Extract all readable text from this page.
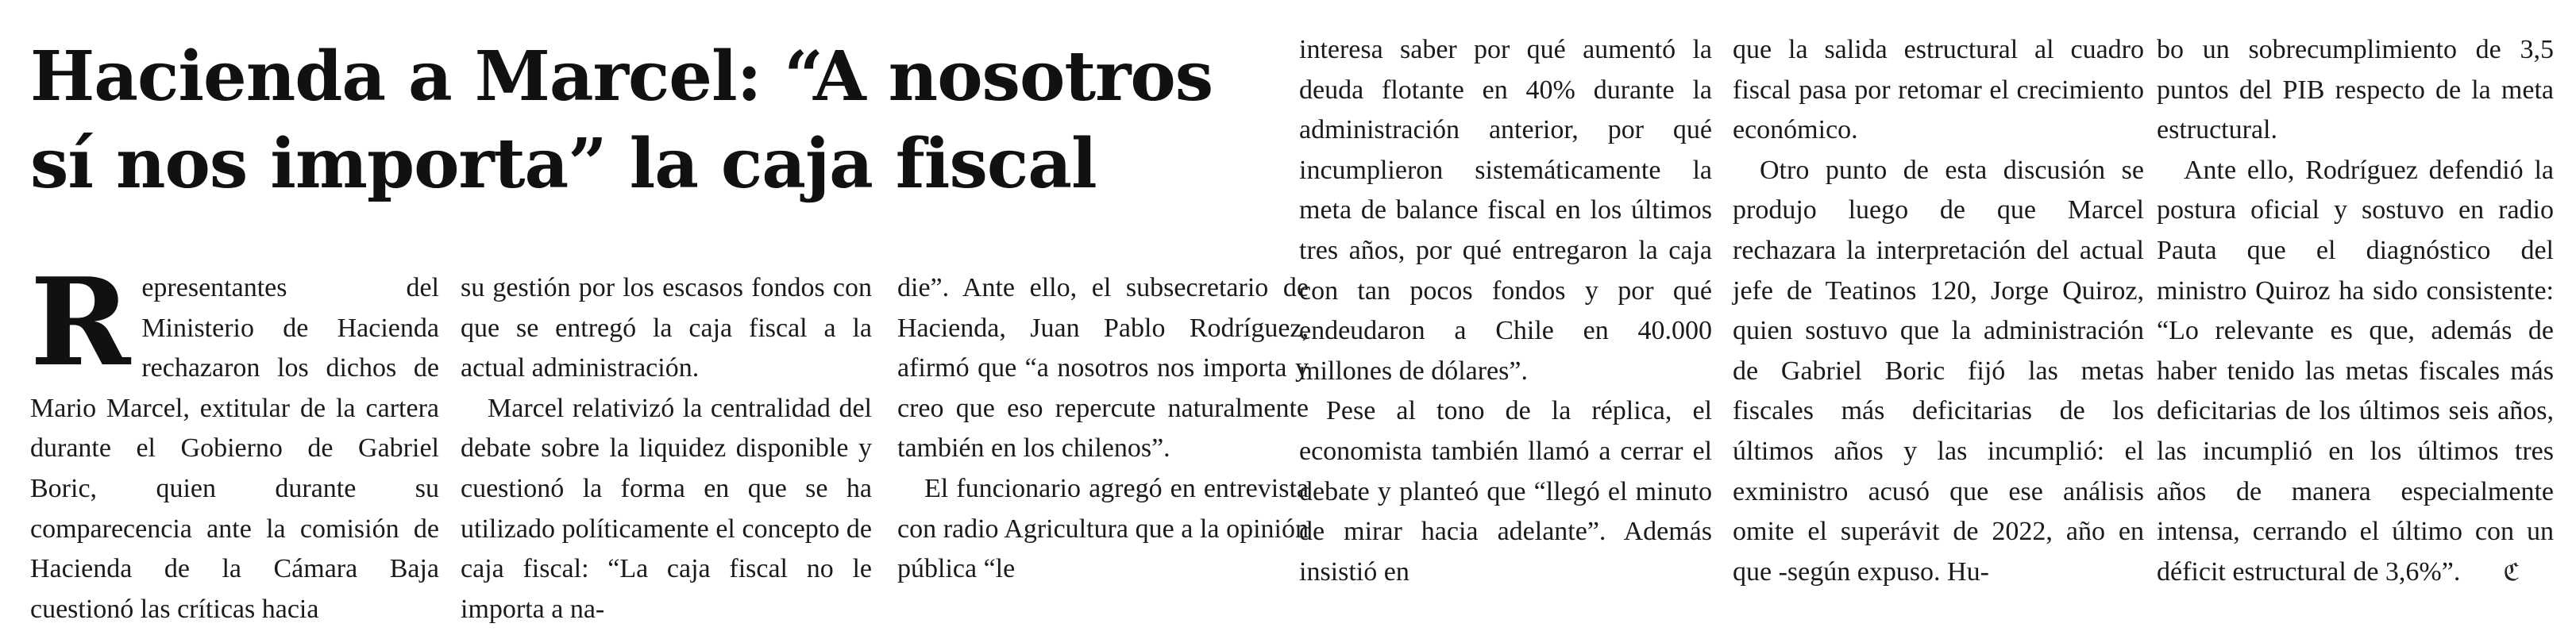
Hacienda a Marcel: “A nosotros sí nos importa” la caja fiscal

Representantes del Ministerio de Hacienda rechazaron los dichos de Mario Marcel, extitular de la cartera durante el Gobierno de Gabriel Boric, quien durante su comparecencia ante la comisión de Hacienda de la Cámara Baja cuestionó las críticas hacia

su gestión por los escasos fondos con que se entregó la caja fiscal a la actual administración.

Marcel relativizó la centralidad del debate sobre la liquidez disponible y cuestionó la forma en que se ha utilizado políticamente el concepto de caja fiscal: “La caja fiscal no le importa a na-

die”. Ante ello, el subsecretario de Hacienda, Juan Pablo Rodríguez, afirmó que “a nosotros nos importa y creo que eso repercute naturalmente también en los chilenos”.

El funcionario agregó en entrevista con radio Agricultura que a la opinión pública “le

interesa saber por qué aumentó la deuda flotante en 40% durante la administración anterior, por qué incumplieron sistemáticamente la meta de balance fiscal en los últimos tres años, por qué entregaron la caja con tan pocos fondos y por qué endeudaron a Chile en 40.000 millones de dólares”.

Pese al tono de la réplica, el economista también llamó a cerrar el debate y planteó que “llegó el minuto de mirar hacia adelante”. Además insistió en

que la salida estructural al cuadro fiscal pasa por retomar el crecimiento económico.

Otro punto de esta discusión se produjo luego de que Marcel rechazara la interpretación del actual jefe de Teatinos 120, Jorge Quiroz, quien sostuvo que la administración de Gabriel Boric fijó las metas fiscales más deficitarias de los últimos años y las incumplió: el exministro acusó que ese análisis omite el superávit de 2022, año en que -según expuso. Hu-

bo un sobrecumplimiento de 3,5 puntos del PIB respecto de la meta estructural.

Ante ello, Rodríguez defendió la postura oficial y sostuvo en radio Pauta que el diagnóstico del ministro Quiroz ha sido consistente: “Lo relevante es que, además de haber tenido las metas fiscales más deficitarias de los últimos seis años, las incumplió en los últimos tres años de manera especialmente intensa, cerrando el último con un déficit estructural de 3,6%”. ℭ
